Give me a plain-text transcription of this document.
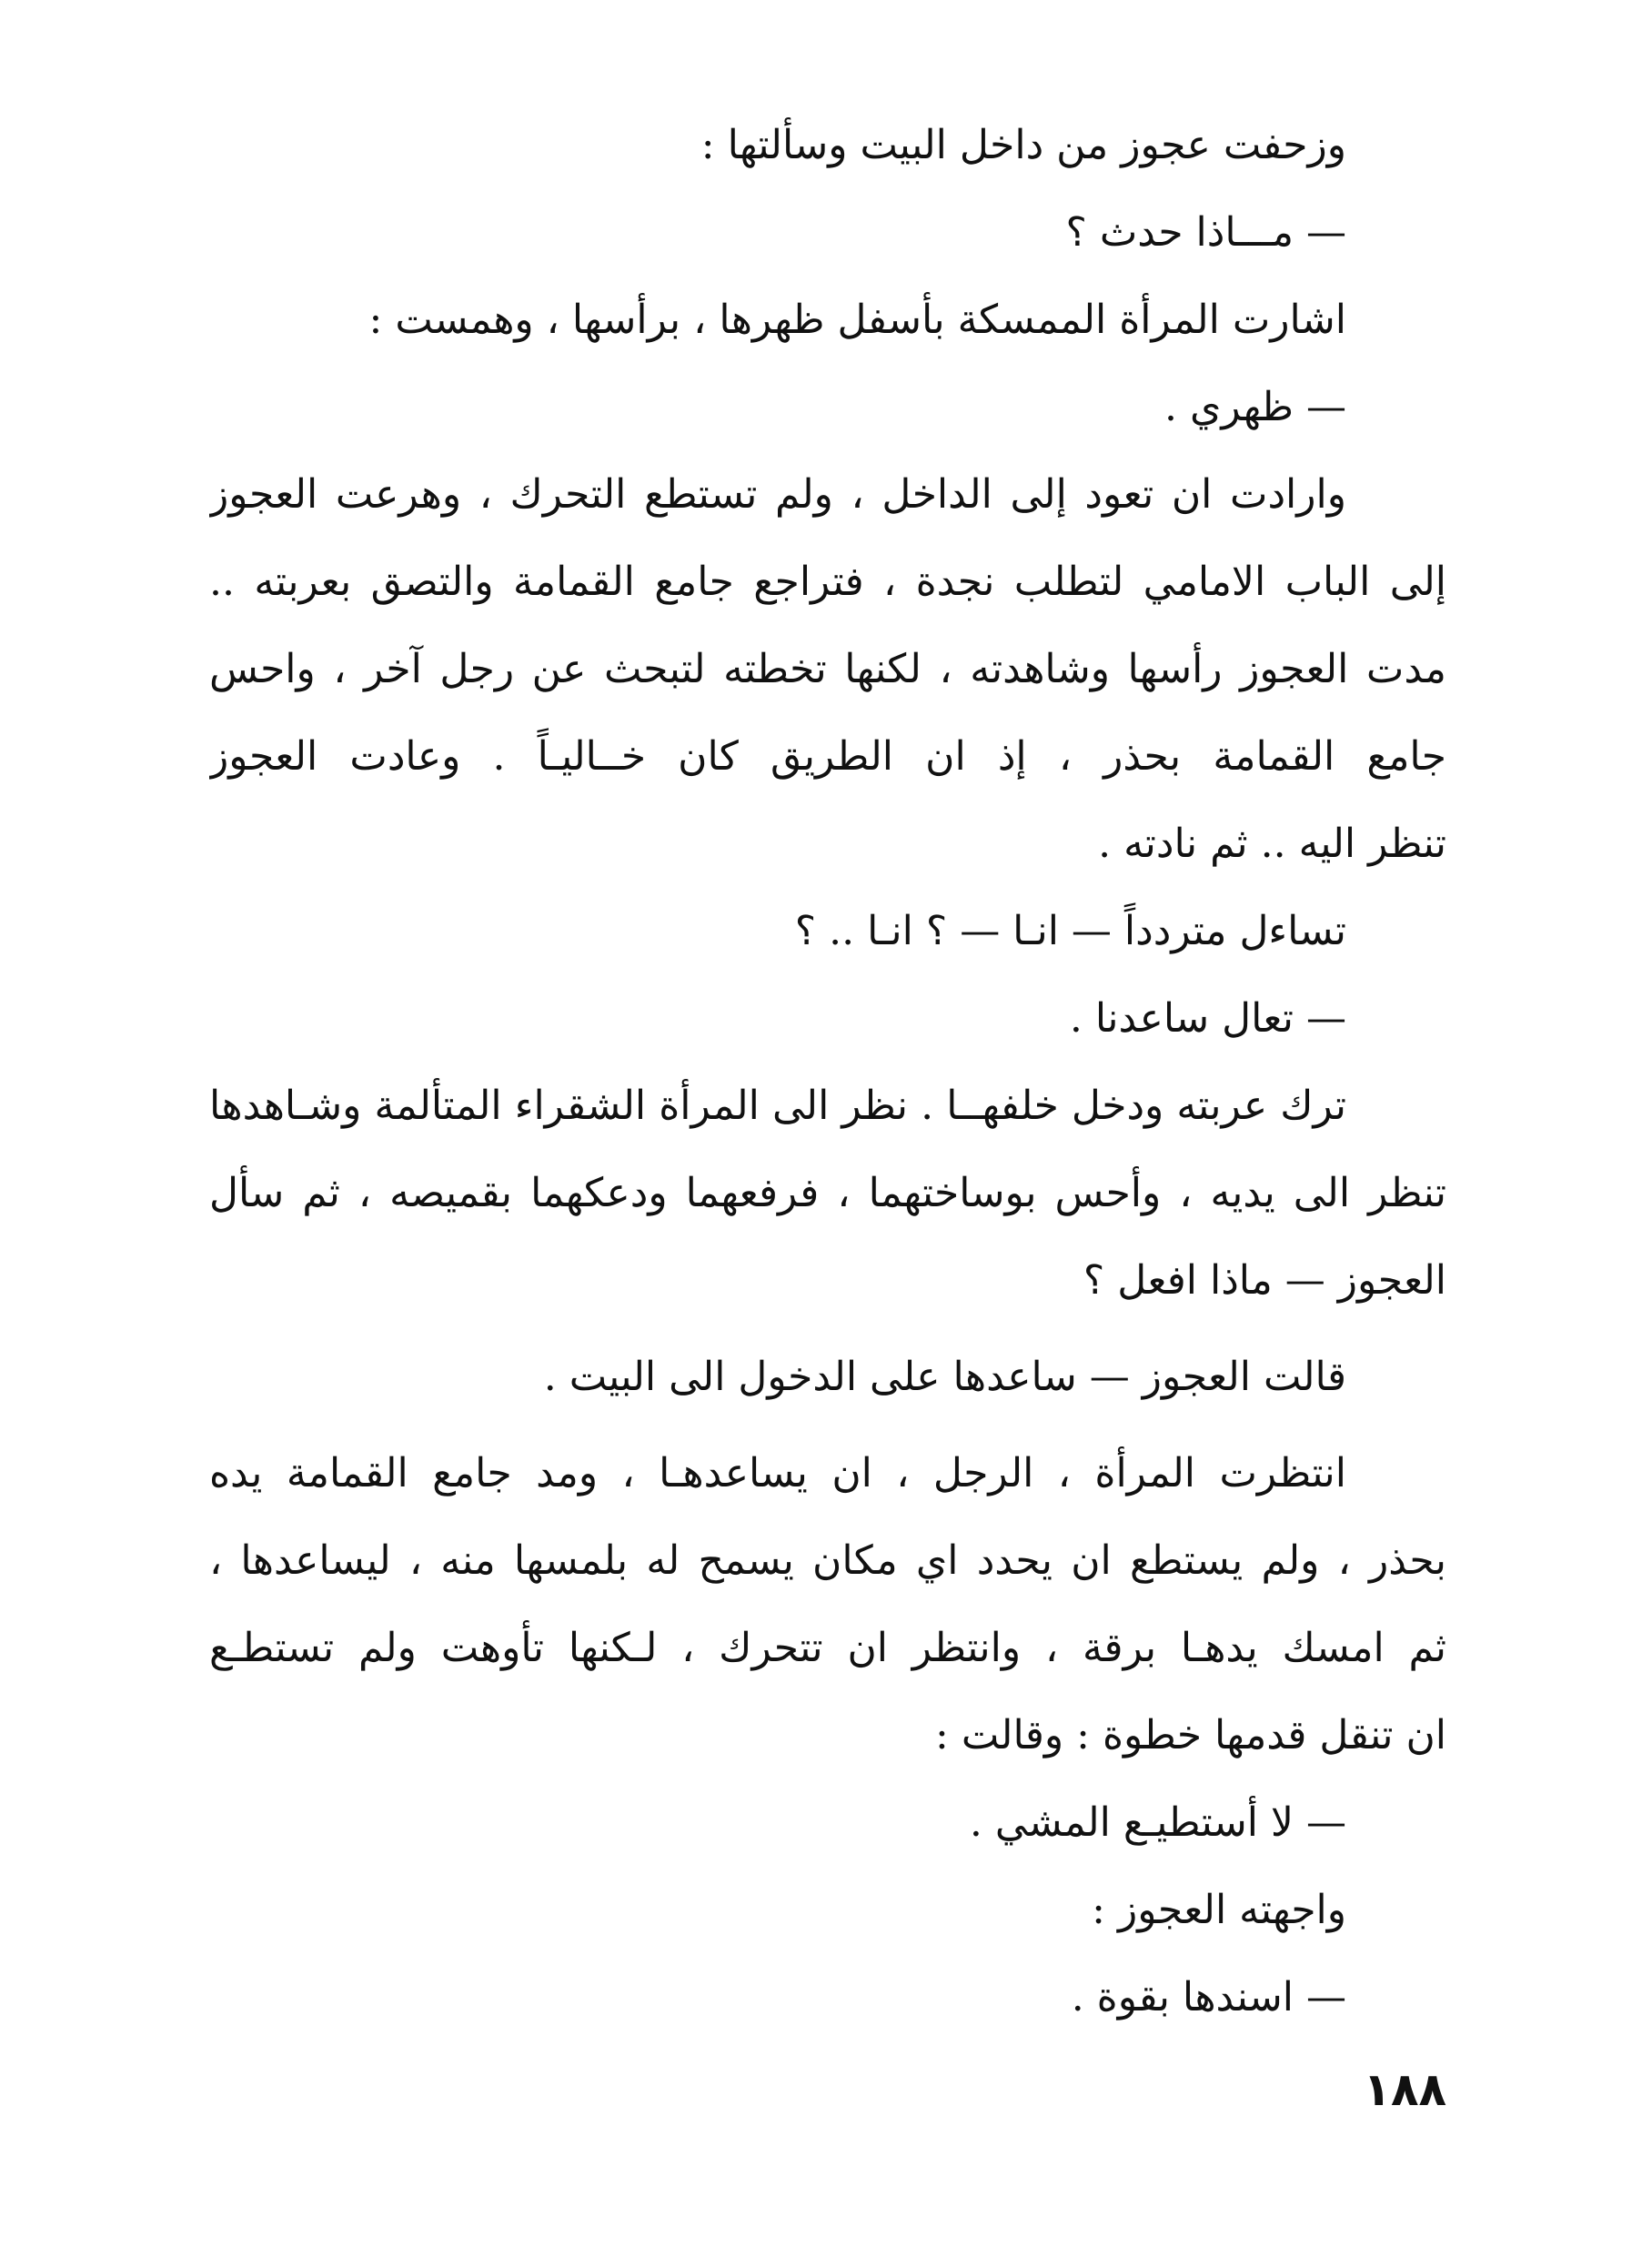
وزحفت عجوز من داخل البيت وسألتها :
— مـــاذا حدث ؟
اشارت المرأة الممسكة بأسفل ظهرها ، برأسها ، وهمست :
— ظهري .
وارادت ان تعود إلى الداخل ، ولم تستطع التحرك ، وهرعت العجوز
إلى الباب الامامي لتطلب نجدة ، فتراجع جامع القمامة والتصق بعربته ..
مدت العجوز رأسها وشاهدته ، لكنها تخطته لتبحث عن رجل آخر ، واحس
جامع القمامة بحذر ، إذ ان الطريق كان خــاليـاً . وعادت العجوز
تنظر اليه .. ثم نادته .
تساءل متردداً — انـا — ؟ انـا .. ؟
— تعال ساعدنا .
ترك عربته ودخل خلفهــا . نظر الى المرأة الشقراء المتألمة وشـاهدها
تنظر الى يديه ، وأحس بوساختهما ، فرفعهما ودعكهما بقميصه ، ثم سأل
العجوز — ماذا افعل ؟
قالت العجوز — ساعدها على الدخول الى البيت .
انتظرت المرأة ، الرجل ، ان يساعدهـا ، ومد جامع القمامة يده
بحذر ، ولم يستطع ان يحدد اي مكان يسمح له بلمسها منه ، ليساعدها ،
ثم امسك يدهـا برقة ، وانتظر ان تتحرك ، لـكنها تأوهت ولم تستطـع
ان تنقل قدمها خطوة : وقالت :
— لا أستطيـع المشي .
واجهته العجوز :
— اسندها بقوة .
١٨٨
